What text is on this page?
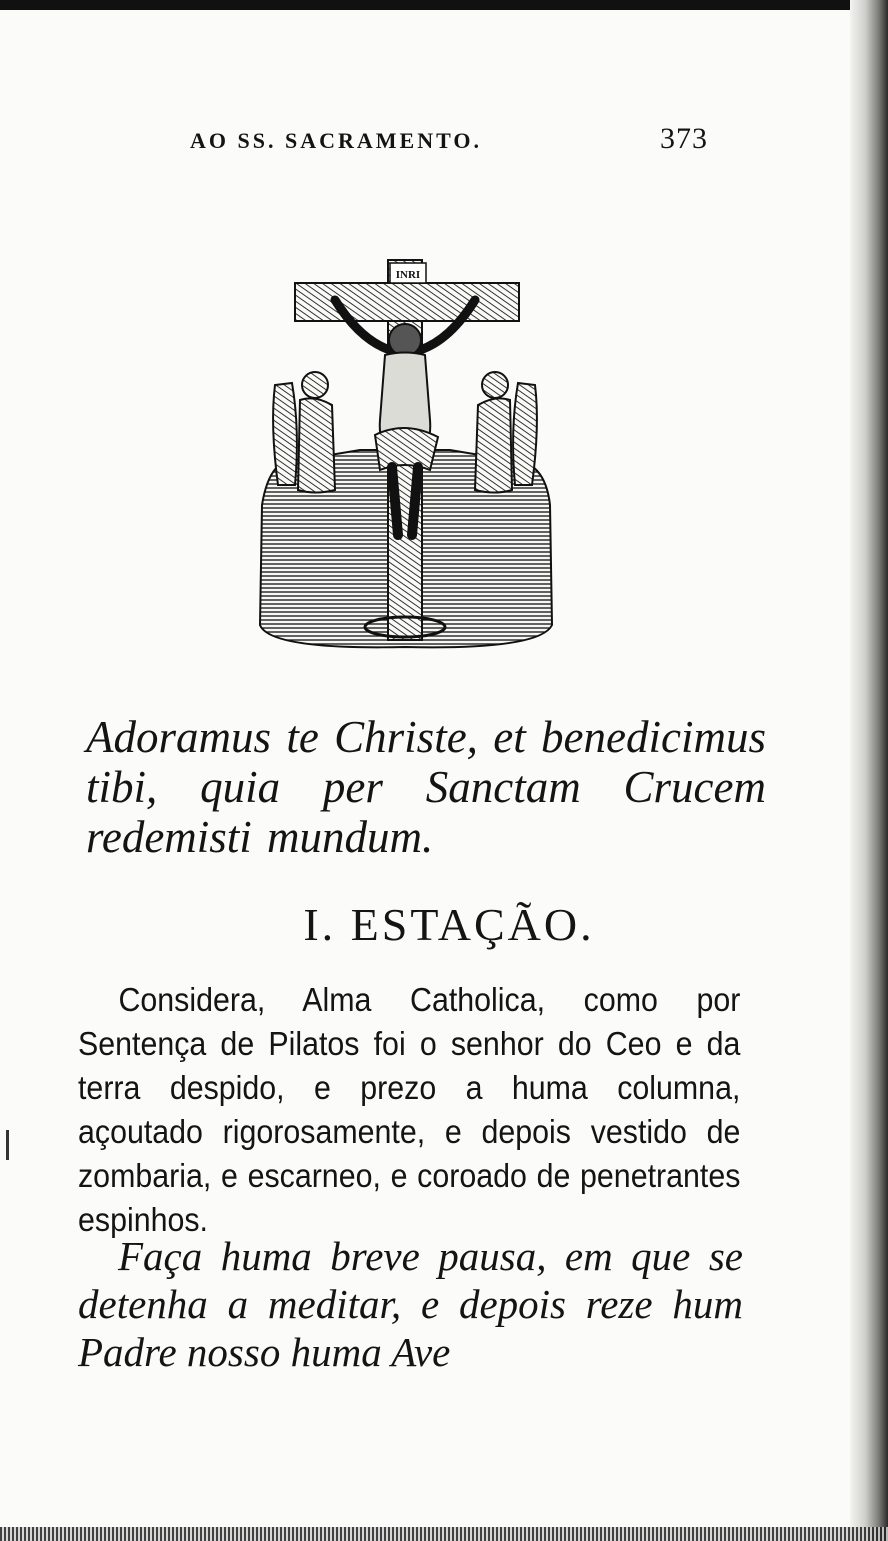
AO SS. SACRAMENTO.	373
INRI
Adoramus te Christe, et benedicimus tibi, quia per Sanctam Crucem redemisti mundum.
I. ESTAÇÃO.
Considera, Alma Catholica, como por Sentença de Pilatos foi o senhor do Ceo e da terra despido, e prezo a huma columna, açoutado rigorosamente, e depois vestido de zombaria, e escarneo, e coroado de penetrantes espinhos.
Faça huma breve pausa, em que se detenha a meditar, e depois reze hum Padre nosso huma Ave
